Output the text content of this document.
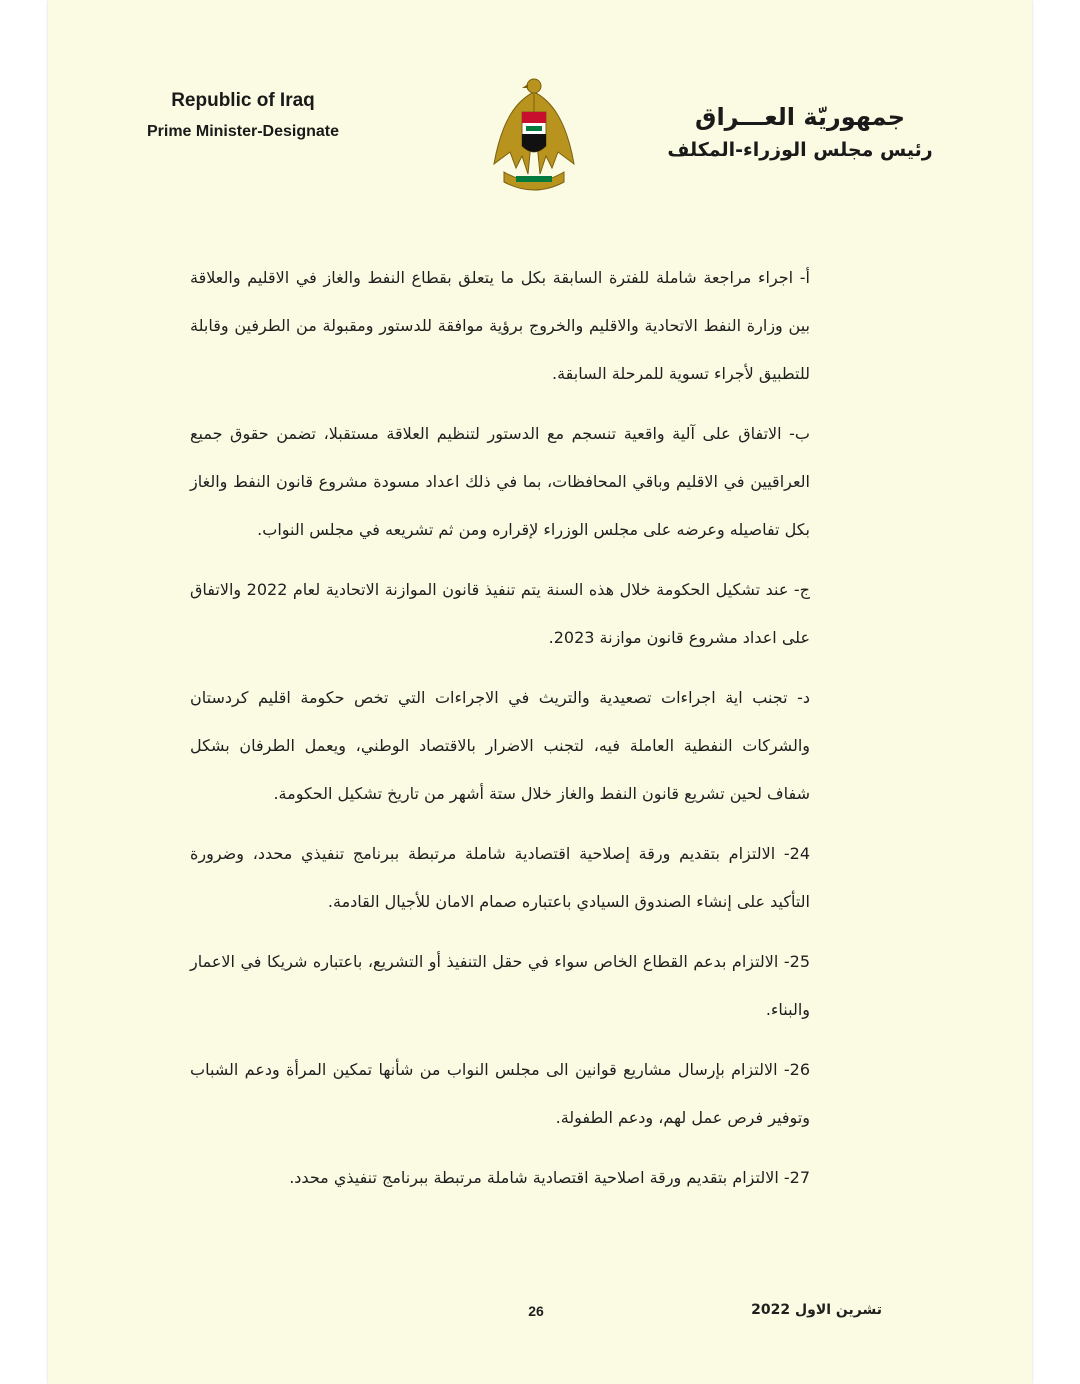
Republic of Iraq
Prime Minister-Designate
جمهوريّة العـــراق
رئيس مجلس الوزراء-المكلف

أ- اجراء مراجعة شاملة للفترة السابقة بكل ما يتعلق بقطاع النفط والغاز في الاقليم والعلاقة بين وزارة النفط الاتحادية والاقليم والخروج برؤية موافقة للدستور ومقبولة من الطرفين وقابلة للتطبيق لأجراء تسوية للمرحلة السابقة.

ب- الاتفاق على آلية واقعية تنسجم مع الدستور لتنظيم العلاقة مستقبلا، تضمن حقوق جميع العراقيين في الاقليم وباقي المحافظات، بما في ذلك اعداد مسودة مشروع قانون النفط والغاز بكل تفاصيله وعرضه على مجلس الوزراء لإقراره ومن ثم تشريعه في مجلس النواب.

ج- عند تشكيل الحكومة خلال هذه السنة يتم تنفيذ قانون الموازنة الاتحادية لعام 2022 والاتفاق على اعداد مشروع قانون موازنة 2023.

د- تجنب اية اجراءات تصعيدية والتريث في الاجراءات التي تخص حكومة اقليم كردستان والشركات النفطية العاملة فيه، لتجنب الاضرار بالاقتصاد الوطني، ويعمل الطرفان بشكل شفاف لحين تشريع قانون النفط والغاز خلال ستة أشهر من تاريخ تشكيل الحكومة.

24- الالتزام بتقديم ورقة إصلاحية اقتصادية شاملة مرتبطة ببرنامج تنفيذي محدد، وضرورة التأكيد على إنشاء الصندوق السيادي باعتباره صمام الامان للأجيال القادمة.

25- الالتزام بدعم القطاع الخاص سواء في حقل التنفيذ أو التشريع، باعتباره شريكا في الاعمار والبناء.

26- الالتزام بإرسال مشاريع قوانين الى مجلس النواب من شأنها تمكين المرأة ودعم الشباب وتوفير فرص عمل لهم، ودعم الطفولة.

27- الالتزام بتقديم ورقة اصلاحية اقتصادية شاملة مرتبطة ببرنامج تنفيذي محدد.

26	تشرين الاول 2022
